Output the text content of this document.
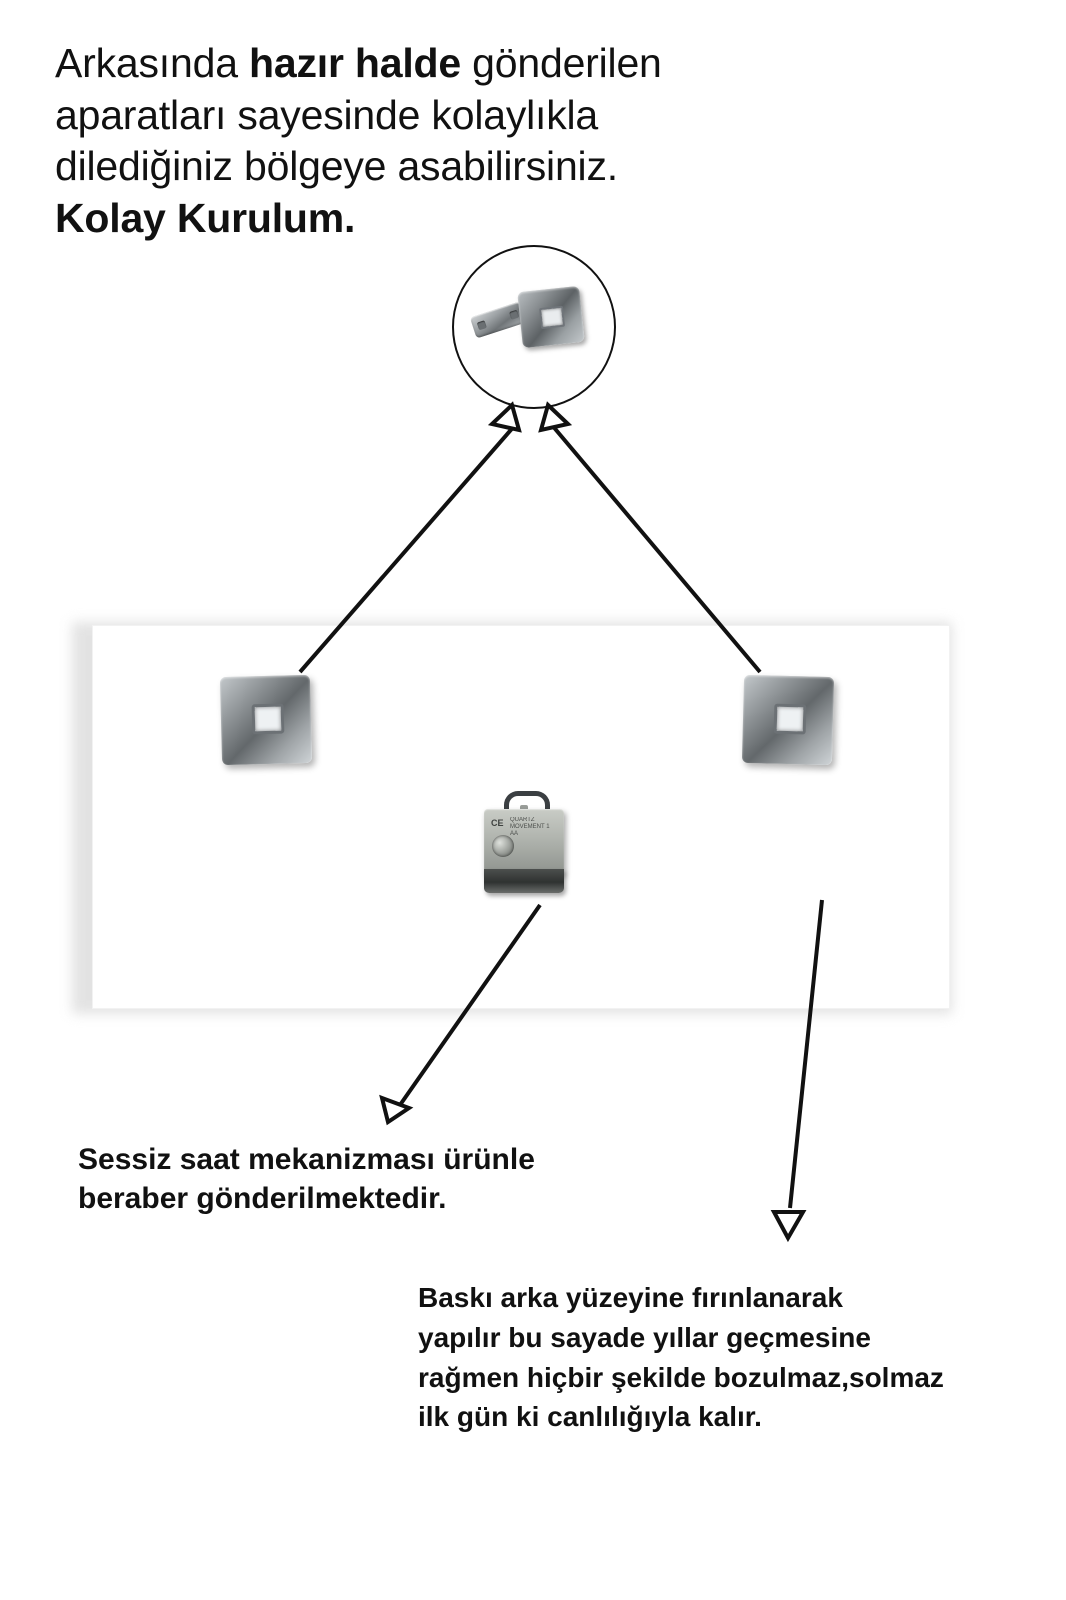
Arkasında hazır halde gönderilen
aparatları sayesinde kolaylıkla
dilediğiniz bölgeye asabilirsiniz.
Kolay Kurulum.
CE QUARTZ MOVEMENT 1 AA
Sessiz saat mekanizması ürünle
beraber gönderilmektedir.
Baskı arka yüzeyine fırınlanarak
yapılır bu sayade yıllar geçmesine
rağmen hiçbir şekilde bozulmaz,solmaz
ilk gün ki canlılığıyla kalır.
